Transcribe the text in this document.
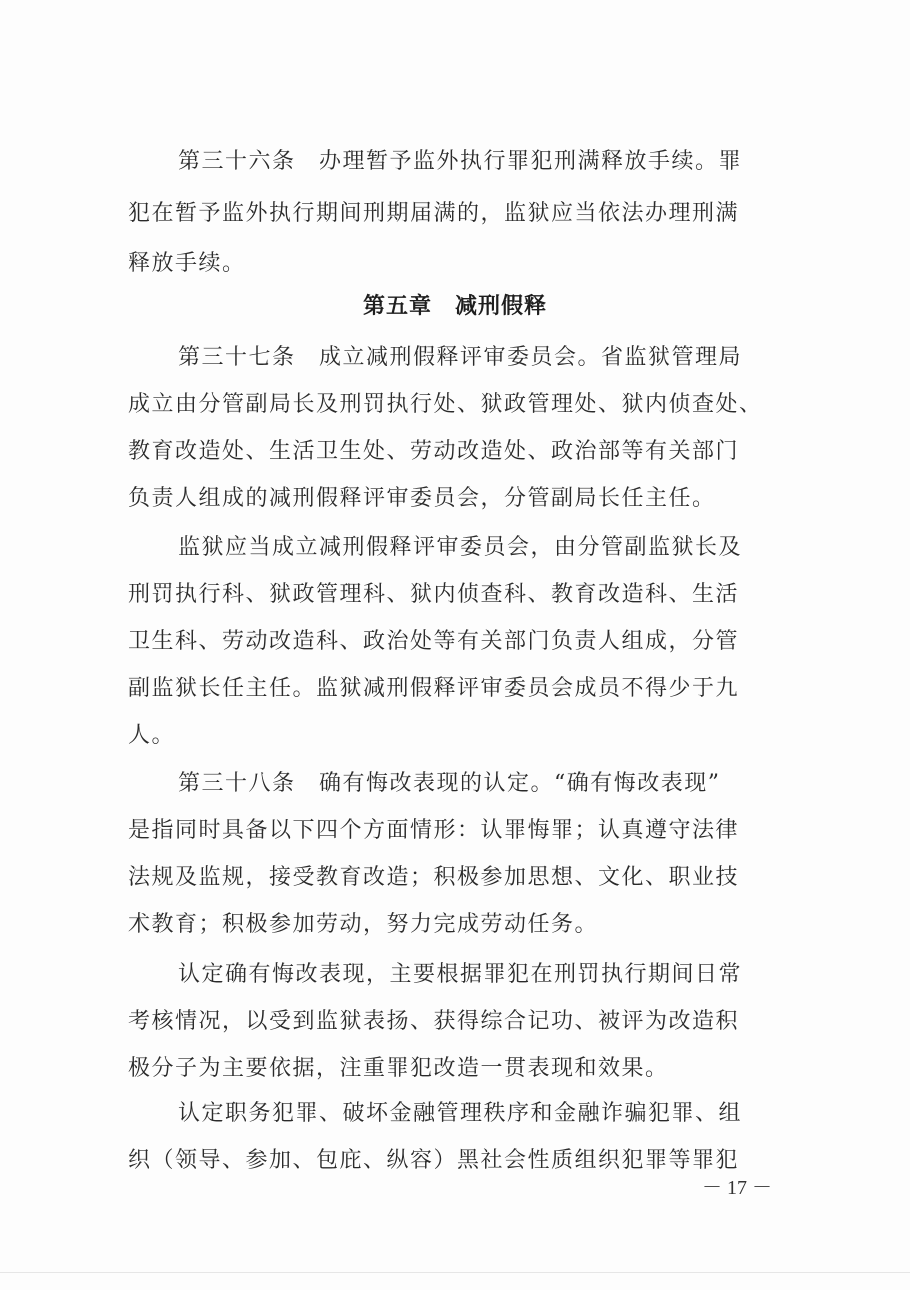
第三十六条　办理暂予监外执行罪犯刑满释放手续。罪
犯在暂予监外执行期间刑期届满的，监狱应当依法办理刑满
释放手续。
第五章　减刑假释
第三十七条　成立减刑假释评审委员会。省监狱管理局
成立由分管副局长及刑罚执行处、狱政管理处、狱内侦查处、
教育改造处、生活卫生处、劳动改造处、政治部等有关部门
负责人组成的减刑假释评审委员会，分管副局长任主任。
监狱应当成立减刑假释评审委员会，由分管副监狱长及
刑罚执行科、狱政管理科、狱内侦查科、教育改造科、生活
卫生科、劳动改造科、政治处等有关部门负责人组成，分管
副监狱长任主任。监狱减刑假释评审委员会成员不得少于九
人。
第三十八条　确有悔改表现的认定。“确有悔改表现”
是指同时具备以下四个方面情形：认罪悔罪；认真遵守法律
法规及监规，接受教育改造；积极参加思想、文化、职业技
术教育；积极参加劳动，努力完成劳动任务。
认定确有悔改表现，主要根据罪犯在刑罚执行期间日常
考核情况，以受到监狱表扬、获得综合记功、被评为改造积
极分子为主要依据，注重罪犯改造一贯表现和效果。
认定职务犯罪、破坏金融管理秩序和金融诈骗犯罪、组
织（领导、参加、包庇、纵容）黑社会性质组织犯罪等罪犯
－ 17 －
